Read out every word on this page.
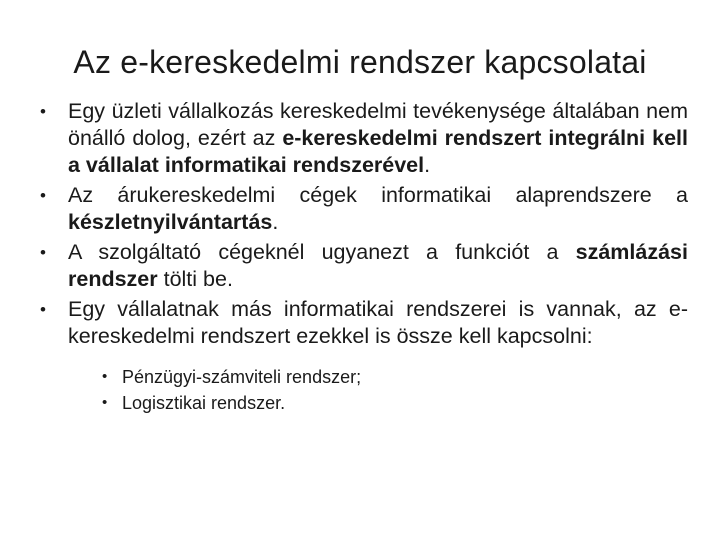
Az e-kereskedelmi rendszer kapcsolatai
• Egy üzleti vállalkozás kereskedelmi tevékenysége általában nem önálló dolog, ezért az e-kereskedelmi rendszert integrálni kell a vállalat informatikai rendszerével.
• Az árukereskedelmi cégek informatikai alaprendszere a készletnyilvántartás.
• A szolgáltató cégeknél ugyanezt a funkciót a számlázási rendszer tölti be.
• Egy vállalatnak más informatikai rendszerei is vannak, az e-kereskedelmi rendszert ezekkel is össze kell kapcsolni:
• Pénzügyi-számviteli rendszer;
• Logisztikai rendszer.
